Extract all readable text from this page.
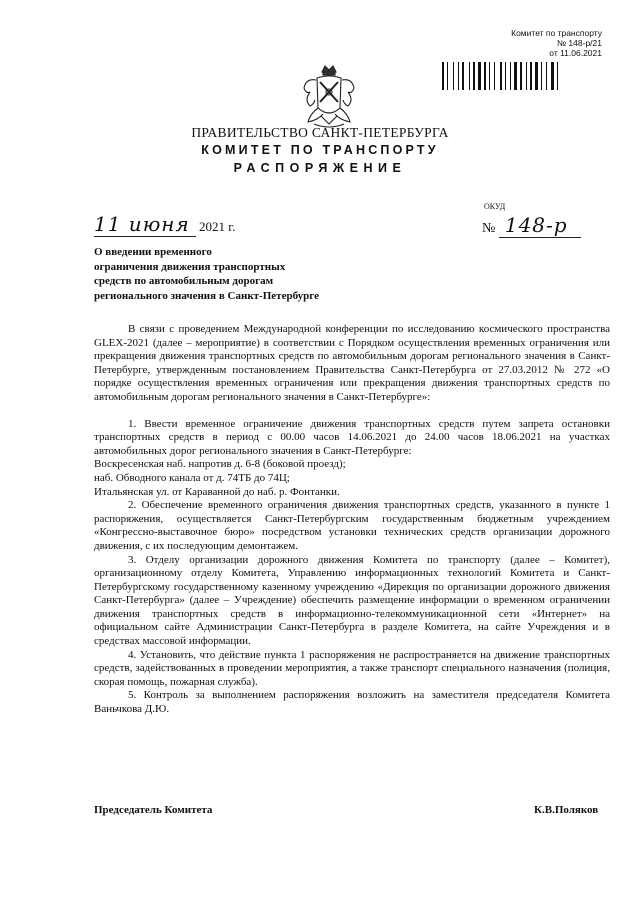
Комитет по транспорту
№ 148-р/21
от 11.06.2021
ПРАВИТЕЛЬСТВО САНКТ-ПЕТЕРБУРГА
КОМИТЕТ ПО ТРАНСПОРТУ
РАСПОРЯЖЕНИЕ
ОКУД
11 июня 2021 г.	№ 148-р
О введении временного
ограничения движения транспортных
средств по автомобильным дорогам
регионального значения в Санкт-Петербурге

В связи с проведением Международной конференции по исследованию космического пространства GLEX-2021 (далее – мероприятие) в соответствии с Порядком осуществления временных ограничения или прекращения движения транспортных средств по автомобильным дорогам регионального значения в Санкт-Петербурге, утвержденным постановлением Правительства Санкт-Петербурга от 27.03.2012 № 272 «О порядке осуществления временных ограничения или прекращения движения транспортных средств по автомобильным дорогам регионального значения в Санкт-Петербурге»:

1. Ввести временное ограничение движения транспортных средств путем запрета остановки транспортных средств в период с 00.00 часов 14.06.2021 до 24.00 часов 18.06.2021 на участках автомобильных дорог регионального значения в Санкт-Петербурге:

Воскресенская наб. напротив д. 6-8 (боковой проезд);

наб. Обводного канала от д. 74ТБ до 74Ц;

Итальянская ул. от Караванной до наб. р. Фонтанки.

2. Обеспечение временного ограничения движения транспортных средств, указанного в пункте 1 распоряжения, осуществляется Санкт-Петербургским государственным бюджетным учреждением «Конгрессно-выставочное бюро» посредством установки технических средств организации дорожного движения, с их последующим демонтажем.

3. Отделу организации дорожного движения Комитета по транспорту (далее – Комитет), организационному отделу Комитета, Управлению информационных технологий Комитета и Санкт-Петербургскому государственному казенному учреждению «Дирекция по организации дорожного движения Санкт-Петербурга» (далее – Учреждение) обеспечить размещение информации о временном ограничении движения транспортных средств в информационно-телекоммуникационной сети «Интернет» на официальном сайте Администрации Санкт-Петербурга в разделе Комитета, на сайте Учреждения и в средствах массовой информации.

4. Установить, что действие пункта 1 распоряжения не распространяется на движение транспортных средств, задействованных в проведении мероприятия, а также транспорт специального назначения (полиция, скорая помощь, пожарная служба).

5. Контроль за выполнением распоряжения возложить на заместителя председателя Комитета Ваньчкова Д.Ю.

Председатель Комитета	К.В.Поляков
